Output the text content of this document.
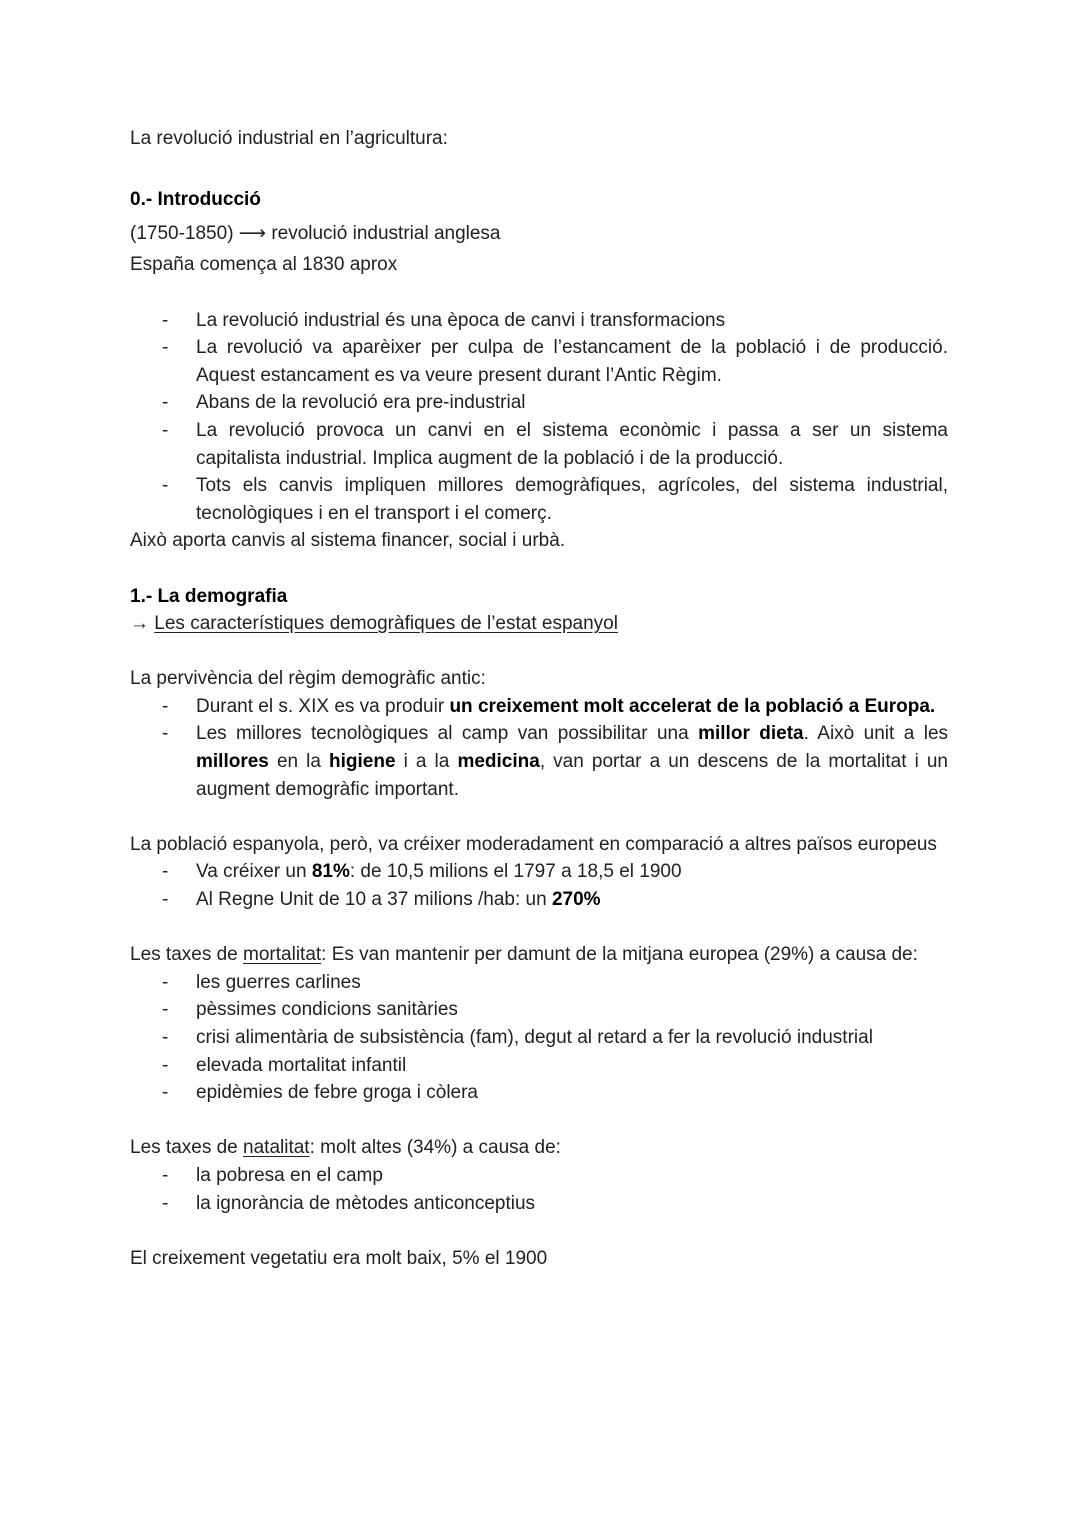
La revolució industrial en l’agricultura:

0.- Introducció

(1750-1850) ⟶ revolució industrial anglesa

España comença al 1830 aprox

- La revolució industrial és una època de canvi i transformacions
- La revolució va aparèixer per culpa de l’estancament de la població i de producció. Aquest estancament es va veure present durant l’Antic Règim.
- Abans de la revolució era pre-industrial
- La revolució provoca un canvi en el sistema econòmic i passa a ser un sistema capitalista industrial. Implica augment de la població i de la producció.
- Tots els canvis impliquen millores demogràfiques, agrícoles, del sistema industrial, tecnològiques i en el transport i el comerç.

Això aporta canvis al sistema financer, social i urbà.

1.- La demografia

→ Les característiques demogràfiques de l’estat espanyol

La pervivència del règim demogràfic antic:

- Durant el s. XIX es va produir un creixement molt accelerat de la població a Europa.
- Les millores tecnològiques al camp van possibilitar una millor dieta. Això unit a les millores en la higiene i a la medicina, van portar a un descens de la mortalitat i un augment demogràfic important.

La població espanyola, però, va créixer moderadament en comparació a altres països europeus

- Va créixer un 81%: de 10,5 milions el 1797 a 18,5 el 1900
- Al Regne Unit de 10 a 37 milions /hab: un 270%

Les taxes de mortalitat: Es van mantenir per damunt de la mitjana europea (29%) a causa de:

- les guerres carlines
- pèssimes condicions sanitàries
- crisi alimentària de subsistència (fam), degut al retard a fer la revolució industrial
- elevada mortalitat infantil
- epidèmies de febre groga i còlera

Les taxes de natalitat: molt altes (34%) a causa de:

- la pobresa en el camp
- la ignorància de mètodes anticonceptius

El creixement vegetatiu era molt baix, 5% el 1900
